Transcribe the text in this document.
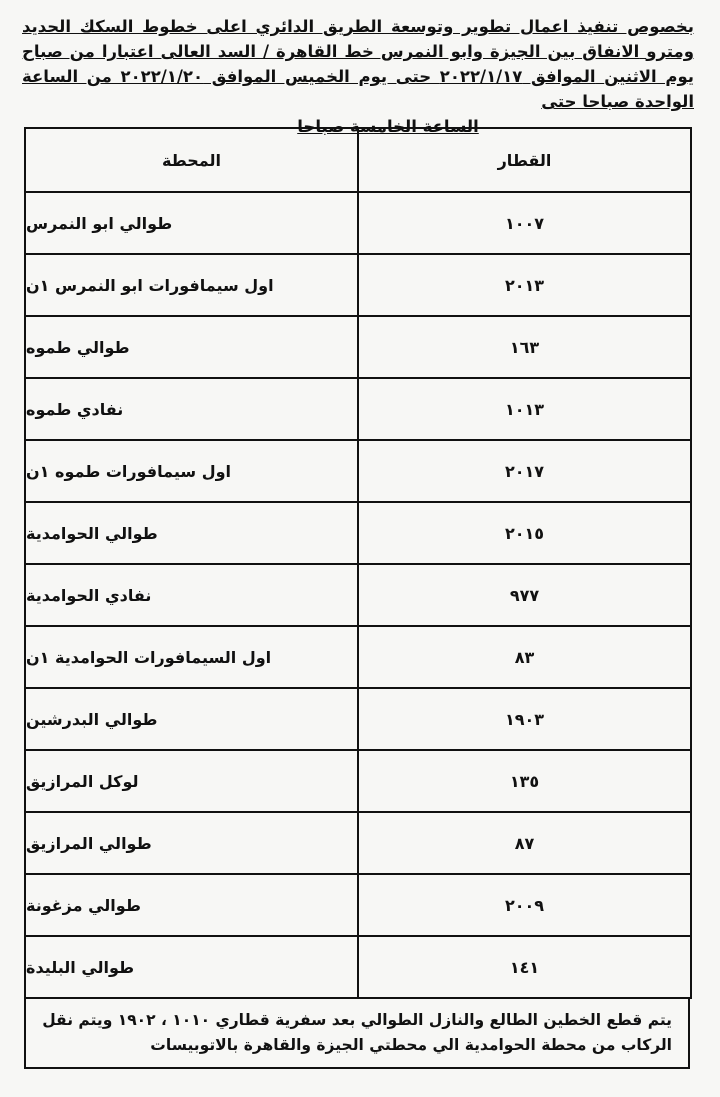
بخصوص تنفيذ اعمال تطوير وتوسعة الطريق الدائري اعلى خطوط السكك الحديد ومترو الانفاق بين الجيزة وابو النمرس خط القاهرة / السد العالى اعتبارا من صباح يوم الاثنين الموافق ٢٠٢٢/١/١٧ حتى يوم الخميس الموافق ٢٠٢٢/١/٢٠ من الساعة الواحدة صباحا حتى
الساعة الخامسة صباحا
القطار	المحطة
١٠٠٧	طوالي ابو النمرس
٢٠١٣	اول سيمافورات ابو النمرس ١ن
١٦٣	طوالي طموه
١٠١٣	نفادي طموه
٢٠١٧	اول سيمافورات طموه ١ن
٢٠١٥	طوالي الحوامدية
٩٧٧	نفادي الحوامدية
٨٣	اول السيمافورات الحوامدية ١ن
١٩٠٣	طوالي البدرشين
١٣٥	لوكل المرازيق
٨٧	طوالي المرازيق
٢٠٠٩	طوالي مزغونة
١٤١	طوالي البليدة
يتم قطع الخطين الطالع والنازل الطوالي بعد سفرية قطاري ١٠١٠ ، ١٩٠٢ ويتم نقل
الركاب من محطة الحوامدية الي محطتي الجيزة والقاهرة بالاتوبيسات
